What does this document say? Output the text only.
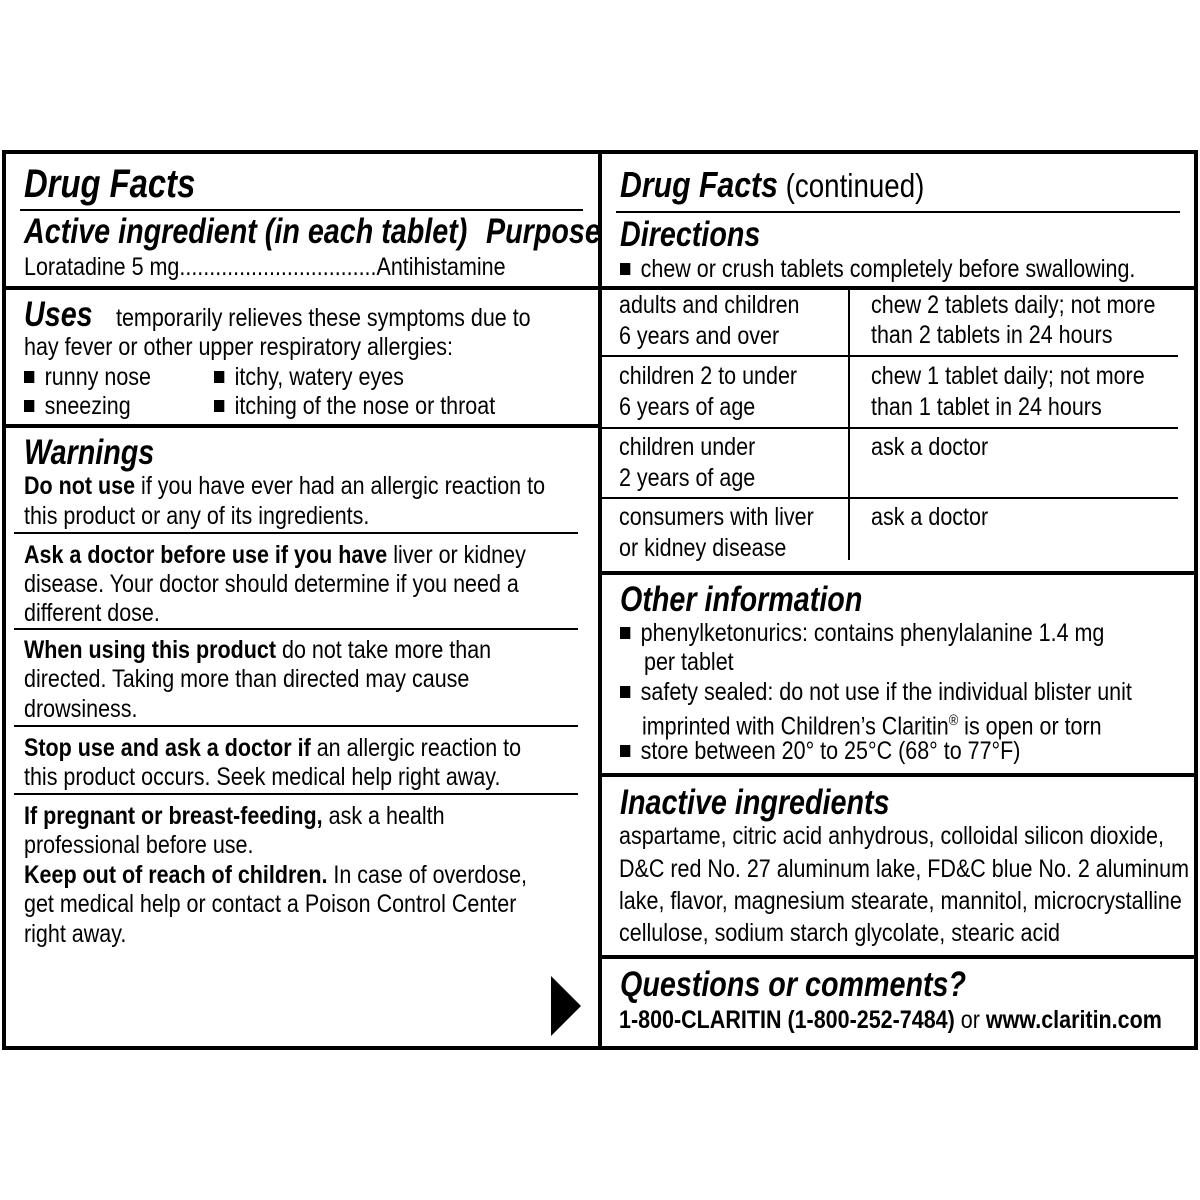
Drug Facts
Active ingredient (in each tablet) Purpose
Loratadine 5 mg.................................Antihistamine
Uses temporarily relieves these symptoms due to
hay fever or other upper respiratory allergies:
runny nose	itchy, watery eyes
sneezing	itching of the nose or throat
Warnings
Do not use if you have ever had an allergic reaction to
this product or any of its ingredients.
Ask a doctor before use if you have liver or kidney
disease. Your doctor should determine if you need a
different dose.
When using this product do not take more than
directed. Taking more than directed may cause
drowsiness.
Stop use and ask a doctor if an allergic reaction to
this product occurs. Seek medical help right away.
If pregnant or breast-feeding, ask a health
professional before use.
Keep out of reach of children. In case of overdose,
get medical help or contact a Poison Control Center
right away.
Drug Facts (continued)
Directions
chew or crush tablets completely before swallowing.
adults and children
6 years and over
chew 2 tablets daily; not more
than 2 tablets in 24 hours
children 2 to under
6 years of age
chew 1 tablet daily; not more
than 1 tablet in 24 hours
children under
2 years of age
ask a doctor
consumers with liver
or kidney disease
ask a doctor
Other information
phenylketonurics: contains phenylalanine 1.4 mg
per tablet
safety sealed: do not use if the individual blister unit
imprinted with Children’s Claritin® is open or torn
store between 20° to 25°C (68° to 77°F)
Inactive ingredients
aspartame, citric acid anhydrous, colloidal silicon dioxide,
D&C red No. 27 aluminum lake, FD&C blue No. 2 aluminum
lake, flavor, magnesium stearate, mannitol, microcrystalline
cellulose, sodium starch glycolate, stearic acid
Questions or comments?
1-800-CLARITIN (1-800-252-7484) or www.claritin.com
